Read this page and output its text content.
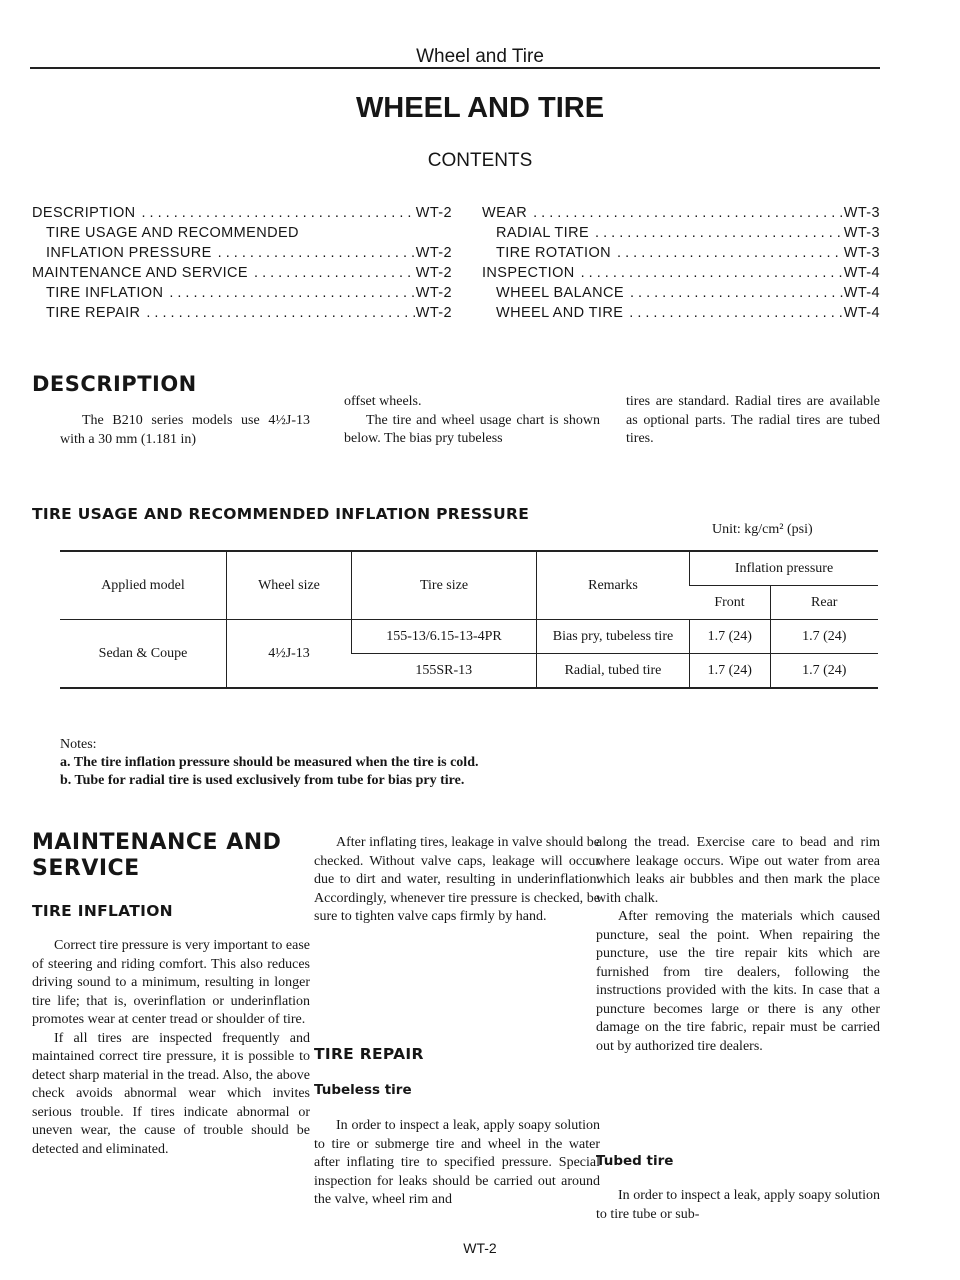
Wheel and Tire
WHEEL AND TIRE
CONTENTS
DESCRIPTION . . .	WT-2
TIRE USAGE AND RECOMMENDED
INFLATION PRESSURE . . .	WT-2
MAINTENANCE AND SERVICE . . .	WT-2
TIRE INFLATION . . .	WT-2
TIRE REPAIR . . .	WT-2
WEAR . . .	WT-3
RADIAL TIRE . . .	WT-3
TIRE ROTATION . . .	WT-3
INSPECTION . . .	WT-4
WHEEL BALANCE . . .	WT-4
WHEEL AND TIRE . . .	WT-4
DESCRIPTION

The B210 series models use 4½J-13 with a 30 mm (1.181 in)

offset wheels.

The tire and wheel usage chart is shown below. The bias pry tubeless

tires are standard. Radial tires are available as optional parts. The radial tires are tubed tires.

TIRE USAGE AND RECOMMENDED INFLATION PRESSURE
Unit: kg/cm² (psi)
Applied model	Wheel size	Tire size	Remarks	Inflation pressure	
				Front	Rear
Sedan & Coupe	4½J-13	155-13/6.15-13-4PR	Bias pry, tubeless tire	1.7 (24)	1.7 (24)
		155SR-13	Radial, tubed tire	1.7 (24)	1.7 (24)
Notes:
a. The tire inflation pressure should be measured when the tire is cold.
b. Tube for radial tire is used exclusively from tube for bias pry tire.
MAINTENANCE AND
SERVICE
TIRE INFLATION

Correct tire pressure is very important to ease of steering and riding comfort. This also reduces driving sound to a minimum, resulting in longer tire life; that is, overinflation or underinflation promotes wear at center tread or shoulder of tire.

If all tires are inspected frequently and maintained correct tire pressure, it is possible to detect sharp material in the tread. Also, the above check avoids abnormal wear which invites serious trouble. If tires indicate abnormal or uneven wear, the cause of trouble should be detected and eliminated.

After inflating tires, leakage in valve should be checked. Without valve caps, leakage will occur due to dirt and water, resulting in underinflation. Accordingly, whenever tire pressure is checked, be sure to tighten valve caps firmly by hand.

TIRE REPAIR
Tubeless tire

In order to inspect a leak, apply soapy solution to tire or submerge tire and wheel in the water after inflating tire to specified pressure. Special inspection for leaks should be carried out around the valve, wheel rim and

along the tread. Exercise care to bead and rim where leakage occurs. Wipe out water from area which leaks air bubbles and then mark the place with chalk.

After removing the materials which caused puncture, seal the point. When repairing the puncture, use the tire repair kits which are furnished from tire dealers, following the instructions provided with the kits. In case that a puncture becomes large or there is any other damage on the tire fabric, repair must be carried out by authorized tire dealers.

Tubed tire

In order to inspect a leak, apply soapy solution to tire tube or sub-

WT-2
